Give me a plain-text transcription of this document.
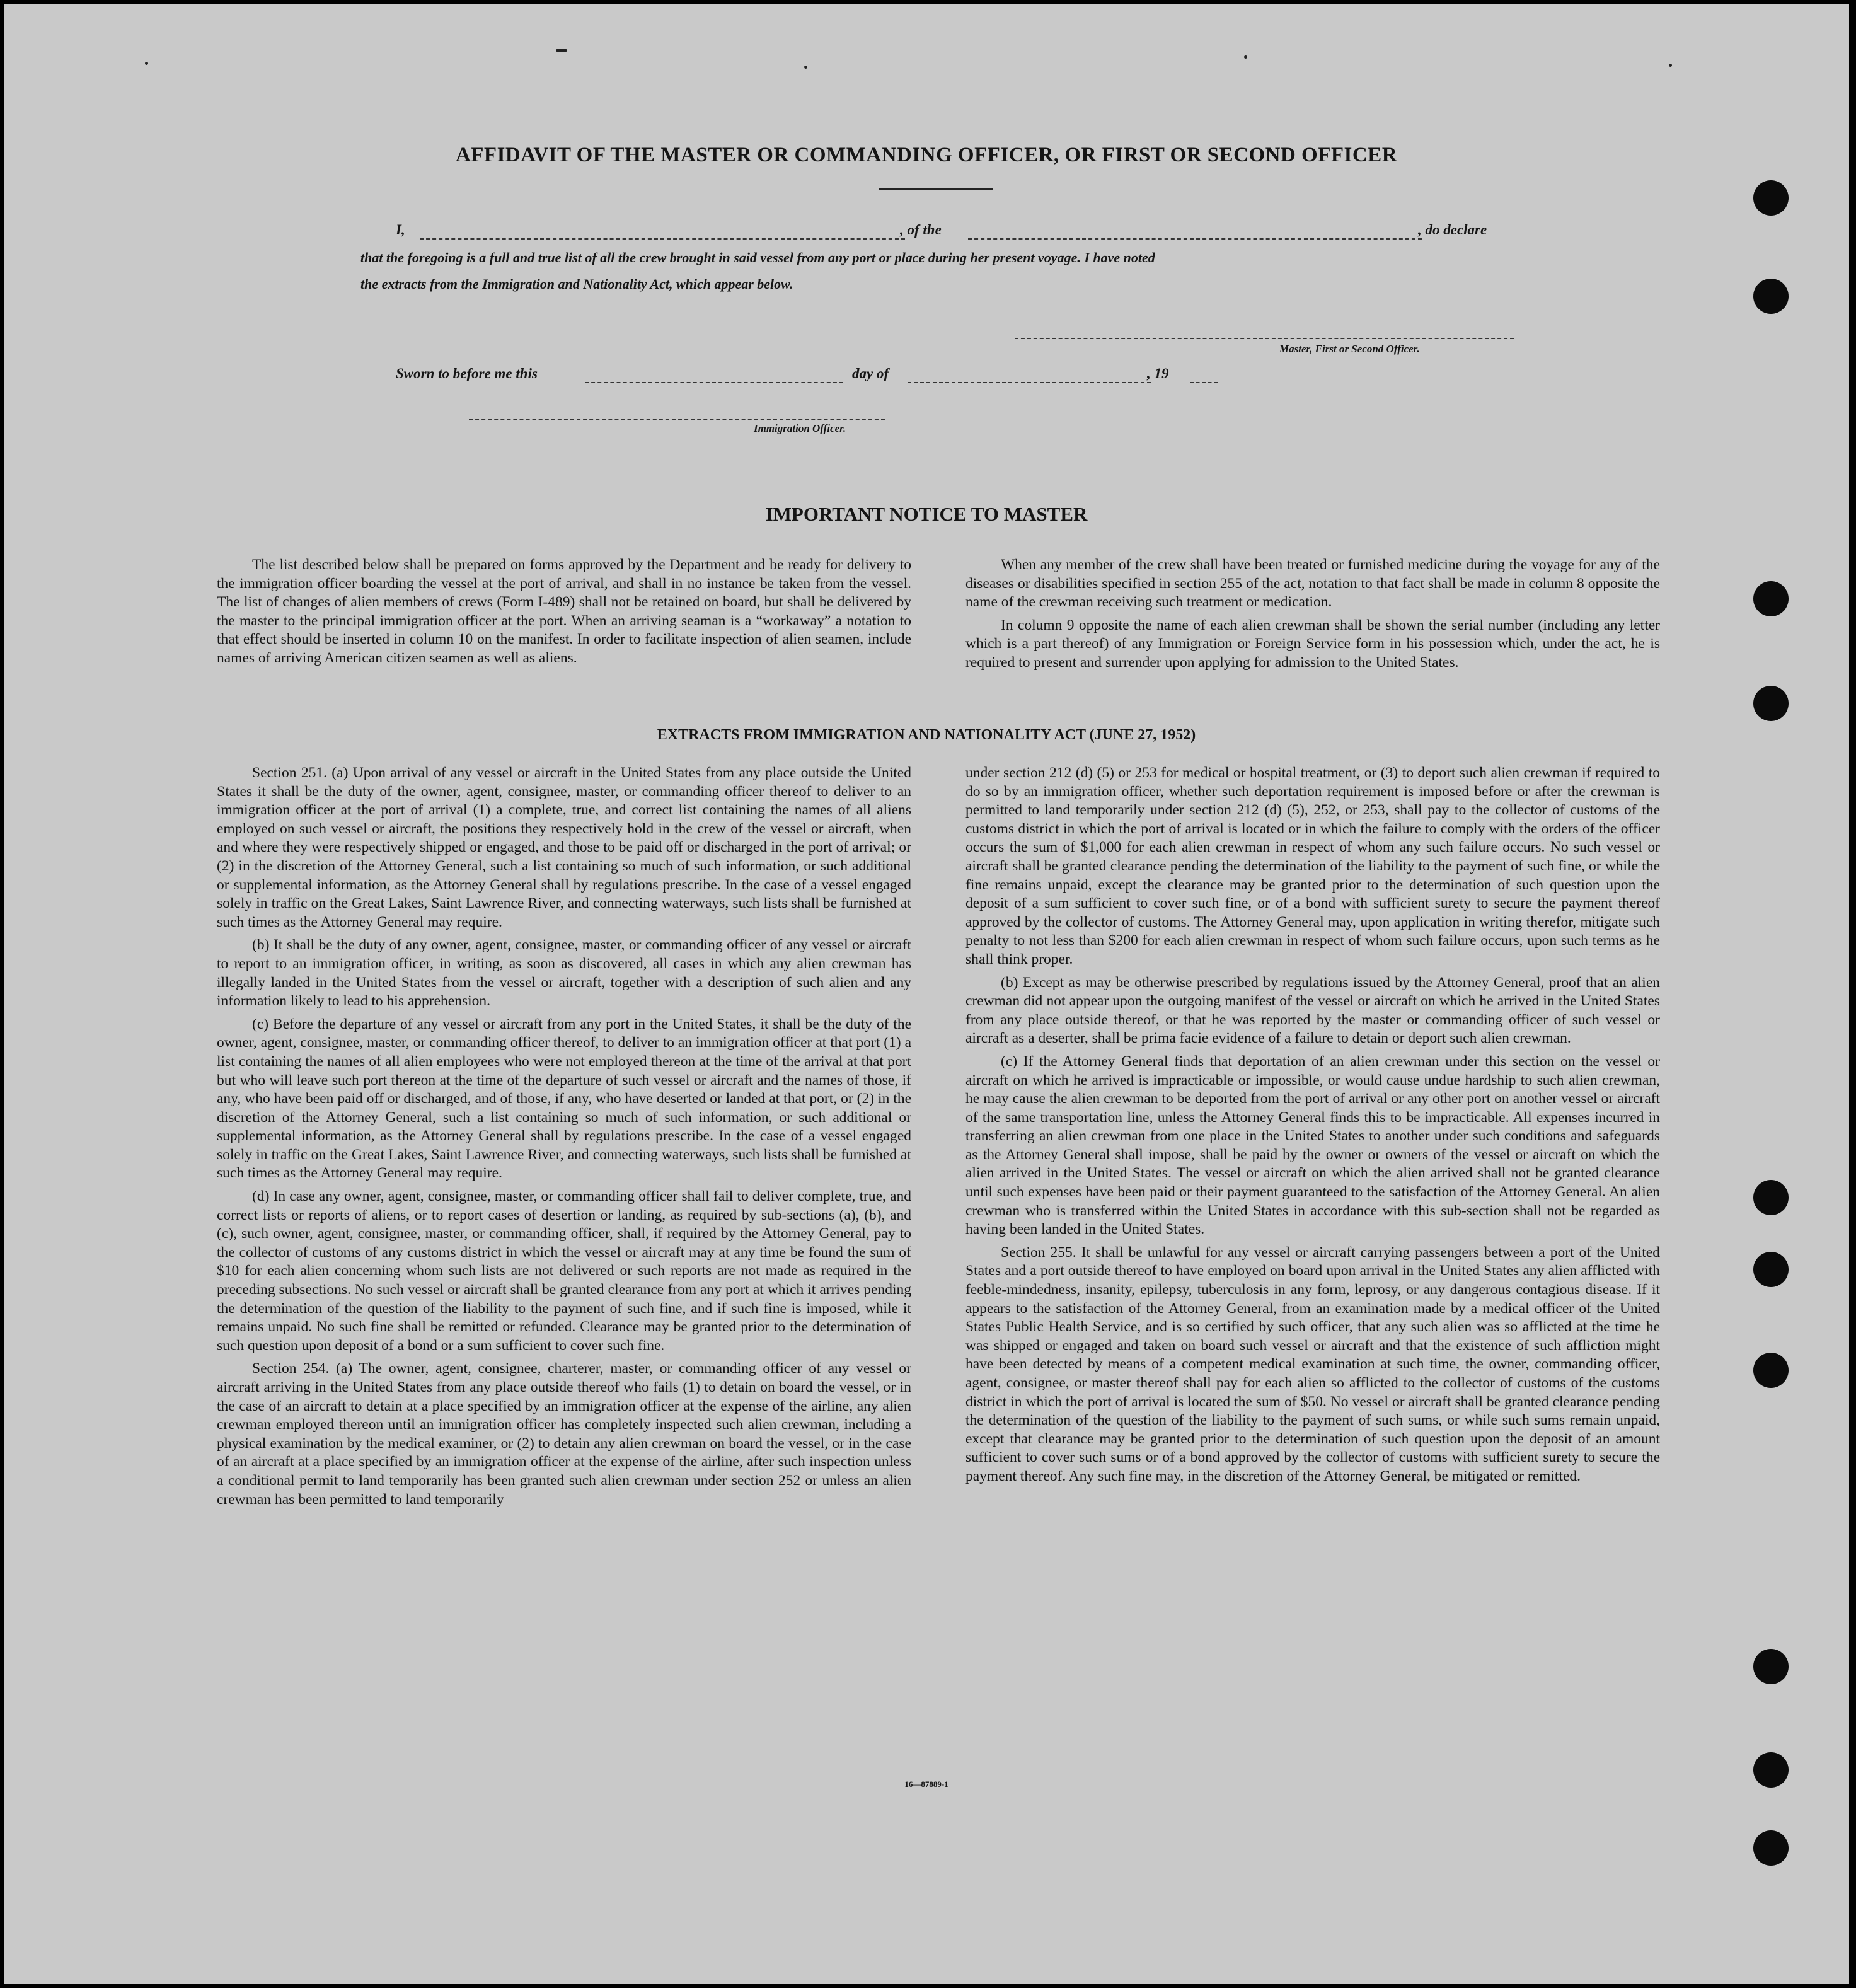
AFFIDAVIT OF THE MASTER OR COMMANDING OFFICER, OR FIRST OR SECOND OFFICER
I,	, of the	, do declare
that the foregoing is a full and true list of all the crew brought in said vessel from any port or place during her present voyage. I have noted
the extracts from the Immigration and Nationality Act, which appear below.
Master, First or Second Officer.
Sworn to before me this	day of	, 19
Immigration Officer.
IMPORTANT NOTICE TO MASTER

The list described below shall be prepared on forms approved by the Department and be ready for delivery to the immigration officer boarding the vessel at the port of arrival, and shall in no instance be taken from the vessel. The list of changes of alien members of crews (Form I-489) shall not be retained on board, but shall be delivered by the master to the principal immigration officer at the port. When an arriving seaman is a “workaway” a notation to that effect should be inserted in column 10 on the manifest. In order to facilitate inspection of alien seamen, include names of arriving American citizen seamen as well as aliens.

When any member of the crew shall have been treated or furnished medicine during the voyage for any of the diseases or disabilities specified in section 255 of the act, notation to that fact shall be made in column 8 opposite the name of the crewman receiving such treatment or medication.

In column 9 opposite the name of each alien crewman shall be shown the serial number (including any letter which is a part thereof) of any Immigration or Foreign Service form in his possession which, under the act, he is required to present and surrender upon applying for admission to the United States.

EXTRACTS FROM IMMIGRATION AND NATIONALITY ACT (JUNE 27, 1952)

Section 251. (a) Upon arrival of any vessel or aircraft in the United States from any place outside the United States it shall be the duty of the owner, agent, consignee, master, or commanding officer thereof to deliver to an immigration officer at the port of arrival (1) a complete, true, and correct list containing the names of all aliens employed on such vessel or aircraft, the positions they respectively hold in the crew of the vessel or aircraft, when and where they were respectively shipped or engaged, and those to be paid off or discharged in the port of arrival; or (2) in the discretion of the Attorney General, such a list containing so much of such information, or such additional or supplemental information, as the Attorney General shall by regulations prescribe. In the case of a vessel engaged solely in traffic on the Great Lakes, Saint Lawrence River, and connecting waterways, such lists shall be furnished at such times as the Attorney General may require.

(b) It shall be the duty of any owner, agent, consignee, master, or commanding officer of any vessel or aircraft to report to an immigration officer, in writing, as soon as discovered, all cases in which any alien crewman has illegally landed in the United States from the vessel or aircraft, together with a description of such alien and any information likely to lead to his apprehension.

(c) Before the departure of any vessel or aircraft from any port in the United States, it shall be the duty of the owner, agent, consignee, master, or commanding officer thereof, to deliver to an immigration officer at that port (1) a list containing the names of all alien employees who were not employed thereon at the time of the arrival at that port but who will leave such port thereon at the time of the departure of such vessel or aircraft and the names of those, if any, who have been paid off or discharged, and of those, if any, who have deserted or landed at that port, or (2) in the discretion of the Attorney General, such a list containing so much of such information, or such additional or supplemental information, as the Attorney General shall by regulations prescribe. In the case of a vessel engaged solely in traffic on the Great Lakes, Saint Lawrence River, and connecting waterways, such lists shall be furnished at such times as the Attorney General may require.

(d) In case any owner, agent, consignee, master, or commanding officer shall fail to deliver complete, true, and correct lists or reports of aliens, or to report cases of desertion or landing, as required by sub-sections (a), (b), and (c), such owner, agent, consignee, master, or commanding officer, shall, if required by the Attorney General, pay to the collector of customs of any customs district in which the vessel or aircraft may at any time be found the sum of $10 for each alien concerning whom such lists are not delivered or such reports are not made as required in the preceding subsections. No such vessel or aircraft shall be granted clearance from any port at which it arrives pending the determination of the question of the liability to the payment of such fine, and if such fine is imposed, while it remains unpaid. No such fine shall be remitted or refunded. Clearance may be granted prior to the determination of such question upon deposit of a bond or a sum sufficient to cover such fine.

Section 254. (a) The owner, agent, consignee, charterer, master, or commanding officer of any vessel or aircraft arriving in the United States from any place outside thereof who fails (1) to detain on board the vessel, or in the case of an aircraft to detain at a place specified by an immigration officer at the expense of the airline, any alien crewman employed thereon until an immigration officer has completely inspected such alien crewman, including a physical examination by the medical examiner, or (2) to detain any alien crewman on board the vessel, or in the case of an aircraft at a place specified by an immigration officer at the expense of the airline, after such inspection unless a conditional permit to land temporarily has been granted such alien crewman under section 252 or unless an alien crewman has been permitted to land temporarily

under section 212 (d) (5) or 253 for medical or hospital treatment, or (3) to deport such alien crewman if required to do so by an immigration officer, whether such deportation requirement is imposed before or after the crewman is permitted to land temporarily under section 212 (d) (5), 252, or 253, shall pay to the collector of customs of the customs district in which the port of arrival is located or in which the failure to comply with the orders of the officer occurs the sum of $1,000 for each alien crewman in respect of whom any such failure occurs. No such vessel or aircraft shall be granted clearance pending the determination of the liability to the payment of such fine, or while the fine remains unpaid, except the clearance may be granted prior to the determination of such question upon the deposit of a sum sufficient to cover such fine, or of a bond with sufficient surety to secure the payment thereof approved by the collector of customs. The Attorney General may, upon application in writing therefor, mitigate such penalty to not less than $200 for each alien crewman in respect of whom such failure occurs, upon such terms as he shall think proper.

(b) Except as may be otherwise prescribed by regulations issued by the Attorney General, proof that an alien crewman did not appear upon the outgoing manifest of the vessel or aircraft on which he arrived in the United States from any place outside thereof, or that he was reported by the master or commanding officer of such vessel or aircraft as a deserter, shall be prima facie evidence of a failure to detain or deport such alien crewman.

(c) If the Attorney General finds that deportation of an alien crewman under this section on the vessel or aircraft on which he arrived is impracticable or impossible, or would cause undue hardship to such alien crewman, he may cause the alien crewman to be deported from the port of arrival or any other port on another vessel or aircraft of the same transportation line, unless the Attorney General finds this to be impracticable. All expenses incurred in transferring an alien crewman from one place in the United States to another under such conditions and safeguards as the Attorney General shall impose, shall be paid by the owner or owners of the vessel or aircraft on which the alien arrived in the United States. The vessel or aircraft on which the alien arrived shall not be granted clearance until such expenses have been paid or their payment guaranteed to the satisfaction of the Attorney General. An alien crewman who is transferred within the United States in accordance with this sub-section shall not be regarded as having been landed in the United States.

Section 255. It shall be unlawful for any vessel or aircraft carrying passengers between a port of the United States and a port outside thereof to have employed on board upon arrival in the United States any alien afflicted with feeble-mindedness, insanity, epilepsy, tuberculosis in any form, leprosy, or any dangerous contagious disease. If it appears to the satisfaction of the Attorney General, from an examination made by a medical officer of the United States Public Health Service, and is so certified by such officer, that any such alien was so afflicted at the time he was shipped or engaged and taken on board such vessel or aircraft and that the existence of such affliction might have been detected by means of a competent medical examination at such time, the owner, commanding officer, agent, consignee, or master thereof shall pay for each alien so afflicted to the collector of customs of the customs district in which the port of arrival is located the sum of $50. No vessel or aircraft shall be granted clearance pending the determination of the question of the liability to the payment of such sums, or while such sums remain unpaid, except that clearance may be granted prior to the determination of such question upon the deposit of an amount sufficient to cover such sums or of a bond approved by the collector of customs with sufficient surety to secure the payment thereof. Any such fine may, in the discretion of the Attorney General, be mitigated or remitted.

16—87889-1
